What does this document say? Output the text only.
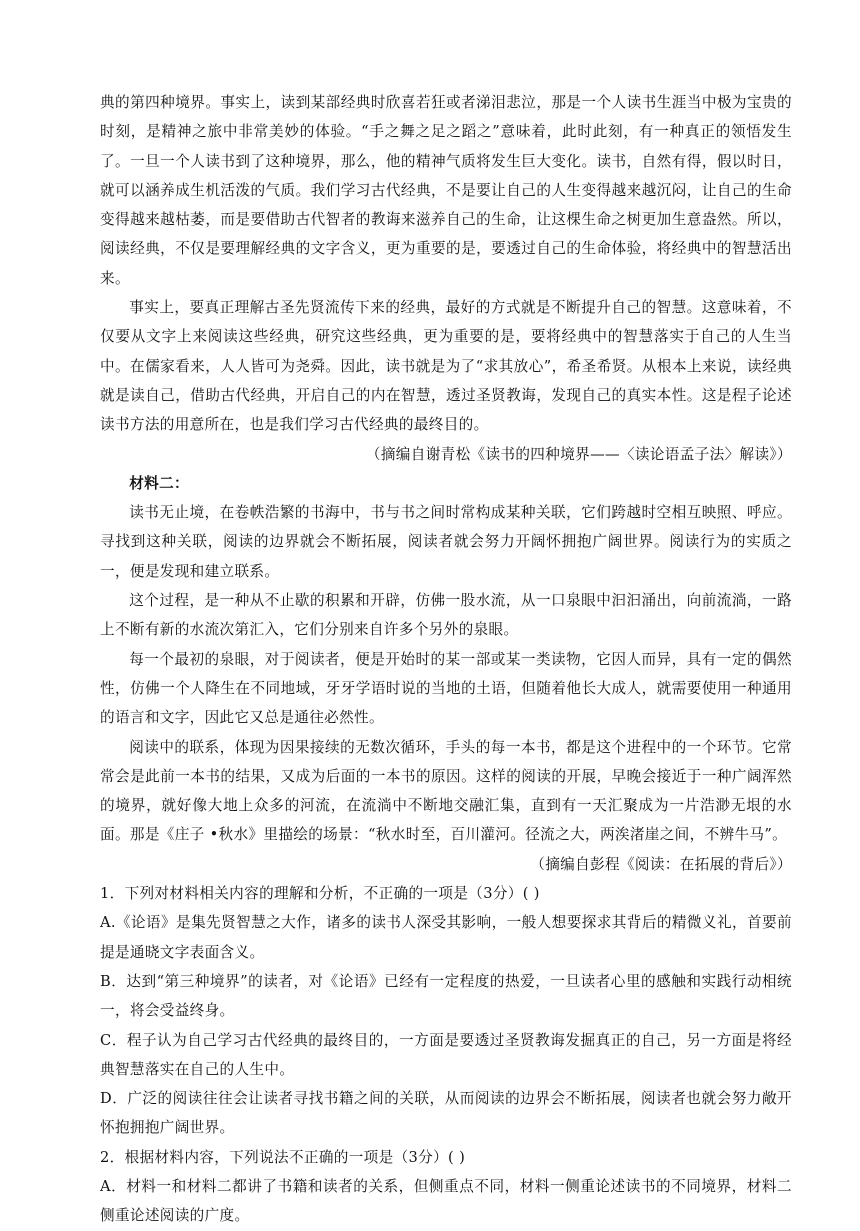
典的第四种境界。事实上，读到某部经典时欣喜若狂或者涕泪悲泣，那是一个人读书生涯当中极为宝贵的时刻，是精神之旅中非常美妙的体验。“手之舞之足之蹈之”意味着，此时此刻，有一种真正的领悟发生了。一旦一个人读书到了这种境界，那么，他的精神气质将发生巨大变化。读书，自然有得，假以时日，就可以涵养成生机活泼的气质。我们学习古代经典，不是要让自己的人生变得越来越沉闷，让自己的生命变得越来越枯萎，而是要借助古代智者的教诲来滋养自己的生命，让这棵生命之树更加生意盎然。所以，阅读经典，不仅是要理解经典的文字含义，更为重要的是，要透过自己的生命体验，将经典中的智慧活出来。

事实上，要真正理解古圣先贤流传下来的经典，最好的方式就是不断提升自己的智慧。这意味着，不仅要从文字上来阅读这些经典，研究这些经典，更为重要的是，要将经典中的智慧落实于自己的人生当中。在儒家看来，人人皆可为尧舜。因此，读书就是为了“求其放心”，希圣希贤。从根本上来说，读经典就是读自己，借助古代经典，开启自己的内在智慧，透过圣贤教诲，发现自己的真实本性。这是程子论述读书方法的用意所在，也是我们学习古代经典的最终目的。

（摘编自谢青松《读书的四种境界——〈读论语孟子法〉解读》）

材料二：

读书无止境，在卷帙浩繁的书海中，书与书之间时常构成某种关联，它们跨越时空相互映照、呼应。寻找到这种关联，阅读的边界就会不断拓展，阅读者就会努力开阔怀拥抱广阔世界。阅读行为的实质之一，便是发现和建立联系。

这个过程，是一种从不止歇的积累和开辟，仿佛一股水流，从一口泉眼中汩汩涌出，向前流淌，一路上不断有新的水流次第汇入，它们分别来自许多个另外的泉眼。

每一个最初的泉眼，对于阅读者，便是开始时的某一部或某一类读物，它因人而异，具有一定的偶然性，仿佛一个人降生在不同地域，牙牙学语时说的当地的土语，但随着他长大成人，就需要使用一种通用的语言和文字，因此它又总是通往必然性。

阅读中的联系，体现为因果接续的无数次循环，手头的每一本书，都是这个进程中的一个环节。它常常会是此前一本书的结果，又成为后面的一本书的原因。这样的阅读的开展，早晚会接近于一种广阔浑然的境界，就好像大地上众多的河流，在流淌中不断地交融汇集，直到有一天汇聚成为一片浩渺无垠的水面。那是《庄子 •秋水》里描绘的场景：“秋水时至，百川灌河。径流之大，两涘渚崖之间，不辨牛马”。

（摘编自彭程《阅读：在拓展的背后》）

1．下列对材料相关内容的理解和分析，不正确的一项是（3分）( )

A.《论语》是集先贤智慧之大作，诸多的读书人深受其影响，一般人想要探求其背后的精微义礼，首要前提是通晓文字表面含义。

B．达到“第三种境界”的读者，对《论语》已经有一定程度的热爱，一旦读者心里的感触和实践行动相统一，将会受益终身。

C．程子认为自己学习古代经典的最终目的，一方面是要透过圣贤教诲发掘真正的自己，另一方面是将经典智慧落实在自己的人生中。

D．广泛的阅读往往会让读者寻找书籍之间的关联，从而阅读的边界会不断拓展，阅读者也就会努力敞开怀抱拥抱广阔世界。

2．根据材料内容，下列说法不正确的一项是（3分）( )

A．材料一和材料二都讲了书籍和读者的关系，但侧重点不同，材料一侧重论述读书的不同境界，材料二侧重论述阅读的广度。
